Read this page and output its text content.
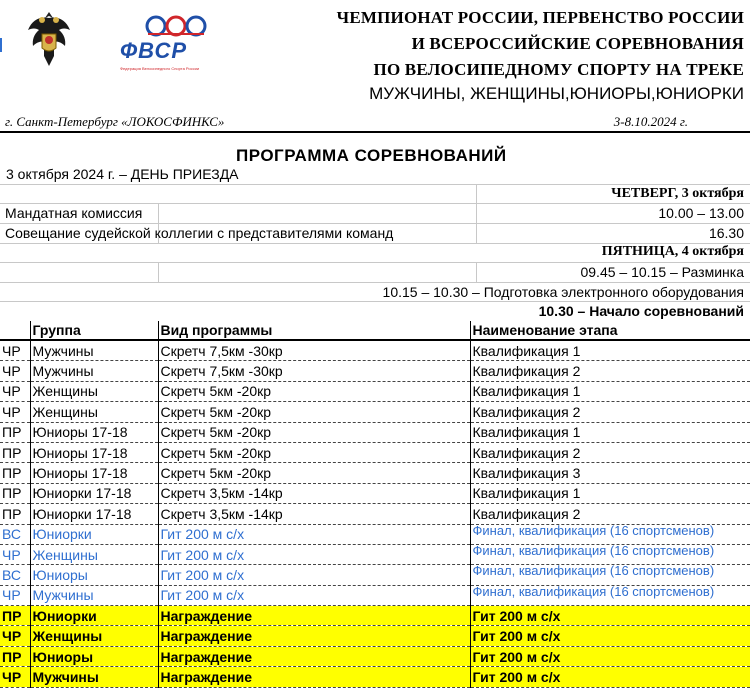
ФВСР
Федерация Велосипедного Спорта России
ЧЕМПИОНАТ РОССИИ, ПЕРВЕНСТВО РОССИИ
И ВСЕРОССИЙСКИЕ СОРЕВНОВАНИЯ
ПО ВЕЛОСИПЕДНОМУ СПОРТУ НА ТРЕКЕ
МУЖЧИНЫ, ЖЕНЩИНЫ,ЮНИОРЫ,ЮНИОРКИ
г. Санкт-Петербург «ЛОКОСФИНКС»	3-8.10.2024 г.
ПРОГРАММА СОРЕВНОВАНИЙ
3 октября 2024 г. – ДЕНЬ ПРИЕЗДА
ЧЕТВЕРГ, 3 октября
Мандатная комиссия	10.00 – 13.00
Совещание судейской коллегии с представителями команд	16.30
ПЯТНИЦА, 4 октября
09.45 – 10.15 – Разминка
10.15 – 10.30 – Подготовка электронного оборудования
10.30 – Начало соревнований
	Группа	Вид программы	Наименование этапа
ЧР	Мужчины	Скретч 7,5км -30кр	Квалификация 1
ЧР	Мужчины	Скретч 7,5км -30кр	Квалификация 2
ЧР	Женщины	Скретч 5км -20кр	Квалификация 1
ЧР	Женщины	Скретч 5км -20кр	Квалификация 2
ПР	Юниоры 17-18	Скретч 5км -20кр	Квалификация 1
ПР	Юниоры 17-18	Скретч 5км -20кр	Квалификация 2
ПР	Юниоры 17-18	Скретч 5км -20кр	Квалификация 3
ПР	Юниорки 17-18	Скретч 3,5км -14кр	Квалификация 1
ПР	Юниорки 17-18	Скретч 3,5км -14кр	Квалификация 2
ВС	Юниорки	Гит 200 м с/х	Финал, квалификация (16 спортсменов)
ЧР	Женщины	Гит 200 м с/х	Финал, квалификация (16 спортсменов)
ВС	Юниоры	Гит 200 м с/х	Финал, квалификация (16 спортсменов)
ЧР	Мужчины	Гит 200 м с/х	Финал, квалификация (16 спортсменов)
ПР	Юниорки	Награждение	Гит 200 м с/х
ЧР	Женщины	Награждение	Гит 200 м с/х
ПР	Юниоры	Награждение	Гит 200 м с/х
ЧР	Мужчины	Награждение	Гит 200 м с/х
